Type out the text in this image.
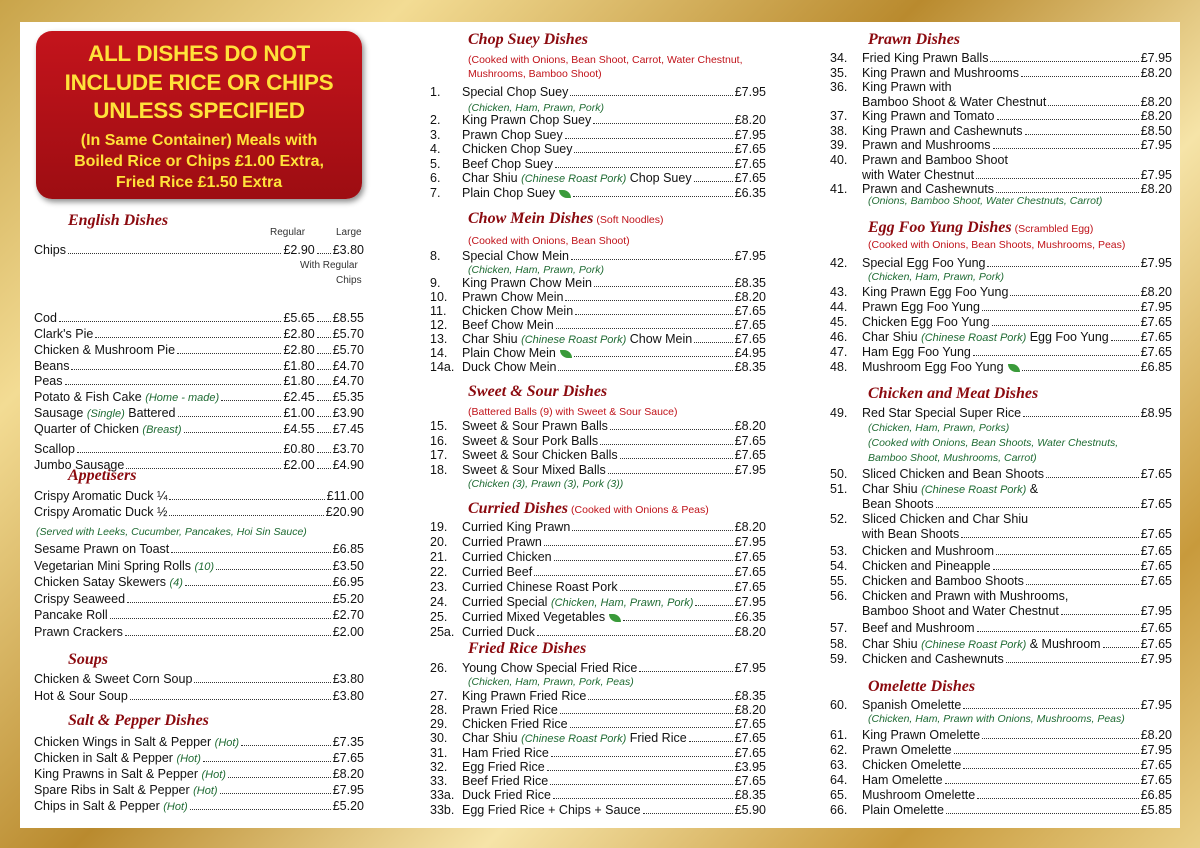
ALL DISHES DO NOT
INCLUDE RICE OR CHIPS
UNLESS SPECIFIED
(In Same Container) Meals with
Boiled Rice or Chips £1.00 Extra,
Fried Rice £1.50 Extra
English Dishes
Regular	Large
With Regular
Chips
Appetisers
(Served with Leeks, Cucumber, Pancakes, Hoi Sin Sauce)
Soups
Salt & Pepper Dishes
Chips	£2.90 £3.80
Cod	£5.65 £8.55
Clark's Pie	£2.80 £5.70
Chicken & Mushroom Pie	£2.80 £5.70
Beans	£1.80 £4.70
Peas	£1.80 £4.70
Potato & Fish Cake (Home - made)	£2.45 £5.35
Sausage (Single) Battered	£1.00 £3.90
Quarter of Chicken (Breast)	£4.55 £7.45
Scallop	£0.80 £3.70
Jumbo Sausage	£2.00 £4.90
Crispy Aromatic Duck ¼	£11.00
Crispy Aromatic Duck ½	£20.90
Sesame Prawn on Toast	£6.85
Vegetarian Mini Spring Rolls (10)	£3.50
Chicken Satay Skewers (4)	£6.95
Crispy Seaweed	£5.20
Pancake Roll	£2.70
Prawn Crackers	£2.00
Chicken & Sweet Corn Soup	£3.80
Hot & Sour Soup	£3.80
Chicken Wings in Salt & Pepper (Hot)	£7.35
Chicken in Salt & Pepper (Hot)	£7.65
King Prawns in Salt & Pepper (Hot)	£8.20
Spare Ribs in Salt & Pepper (Hot)	£7.95
Chips in Salt & Pepper (Hot)	£5.20
Chop Suey Dishes
(Cooked with Onions, Bean Shoot, Carrot, Water Chestnut,
Mushrooms, Bamboo Shoot)
(Chicken, Ham, Prawn, Pork)
Chow Mein Dishes (Soft Noodles)
(Cooked with Onions, Bean Shoot)
(Chicken, Ham, Prawn, Pork)
Sweet & Sour Dishes
(Battered Balls (9) with Sweet & Sour Sauce)
(Chicken (3), Prawn (3), Pork (3))
Curried Dishes (Cooked with Onions & Peas)
Fried Rice Dishes
(Chicken, Ham, Prawn, Pork, Peas)
1.	Special Chop Suey	£7.95
2.	King Prawn Chop Suey	£8.20
3.	Prawn Chop Suey	£7.95
4.	Chicken Chop Suey	£7.65
5.	Beef Chop Suey	£7.65
6.	Char Shiu (Chinese Roast Pork) Chop Suey	£7.65
7.	Plain Chop Suey	£6.35
8.	Special Chow Mein	£7.95
9.	King Prawn Chow Mein	£8.35
10.	Prawn Chow Mein	£8.20
11.	Chicken Chow Mein	£7.65
12.	Beef Chow Mein	£7.65
13.	Char Shiu (Chinese Roast Pork) Chow Mein	£7.65
14.	Plain Chow Mein	£4.95
14a. Duck Chow Mein	£8.35
15.	Sweet & Sour Prawn Balls	£8.20
16.	Sweet & Sour Pork Balls	£7.65
17.	Sweet & Sour Chicken Balls	£7.65
18.	Sweet & Sour Mixed Balls	£7.95
19.	Curried King Prawn	£8.20
20.	Curried Prawn	£7.95
21.	Curried Chicken	£7.65
22.	Curried Beef	£7.65
23.	Curried Chinese Roast Pork	£7.65
24.	Curried Special (Chicken, Ham, Prawn, Pork)	£7.95
25.	Curried Mixed Vegetables	£6.35
25a. Curried Duck	£8.20
26.	Young Chow Special Fried Rice	£7.95
27.	King Prawn Fried Rice	£8.35
28.	Prawn Fried Rice	£8.20
29.	Chicken Fried Rice	£7.65
30.	Char Shiu (Chinese Roast Pork) Fried Rice	£7.65
31.	Ham Fried Rice	£7.65
32.	Egg Fried Rice	£3.95
33.	Beef Fried Rice	£7.65
33a. Duck Fried Rice	£8.35
33b. Egg Fried Rice + Chips + Sauce	£5.90
Prawn Dishes
(Onions, Bamboo Shoot, Water Chestnuts, Carrot)
Egg Foo Yung Dishes (Scrambled Egg)
(Cooked with Onions, Bean Shoots, Mushrooms, Peas)
(Chicken, Ham, Prawn, Pork)
Chicken and Meat Dishes
(Chicken, Ham, Prawn, Porks)
(Cooked with Onions, Bean Shoots, Water Chestnuts,
Bamboo Shoot, Mushrooms, Carrot)
Omelette Dishes
(Chicken, Ham, Prawn with Onions, Mushrooms, Peas)
34.	Fried King Prawn Balls	£7.95
35.	King Prawn and Mushrooms	£8.20
36.	King Prawn with
Bamboo Shoot & Water Chestnut	£8.20
37.	King Prawn and Tomato	£8.20
38.	King Prawn and Cashewnuts	£8.50
39.	Prawn and Mushrooms	£7.95
40.	Prawn and Bamboo Shoot
with Water Chestnut	£7.95
41.	Prawn and Cashewnuts	£8.20
42.	Special Egg Foo Yung	£7.95
43.	King Prawn Egg Foo Yung	£8.20
44.	Prawn Egg Foo Yung	£7.95
45.	Chicken Egg Foo Yung	£7.65
46.	Char Shiu (Chinese Roast Pork) Egg Foo Yung	£7.65
47.	Ham Egg Foo Yung	£7.65
48.	Mushroom Egg Foo Yung	£6.85
49.	Red Star Special Super Rice	£8.95
50.	Sliced Chicken and Bean Shoots	£7.65
51.	Char Shiu (Chinese Roast Pork) &
Bean Shoots	£7.65
52.	Sliced Chicken and Char Shiu
with Bean Shoots	£7.65
53.	Chicken and Mushroom	£7.65
54.	Chicken and Pineapple	£7.65
55.	Chicken and Bamboo Shoots	£7.65
56.	Chicken and Prawn with Mushrooms,
Bamboo Shoot and Water Chestnut	£7.95
57.	Beef and Mushroom	£7.65
58.	Char Shiu (Chinese Roast Pork) & Mushroom	£7.65
59.	Chicken and Cashewnuts	£7.95
60.	Spanish Omelette	£7.95
61.	King Prawn Omelette	£8.20
62.	Prawn Omelette	£7.95
63.	Chicken Omelette	£7.65
64.	Ham Omelette	£7.65
65.	Mushroom Omelette	£6.85
66.	Plain Omelette	£5.85
